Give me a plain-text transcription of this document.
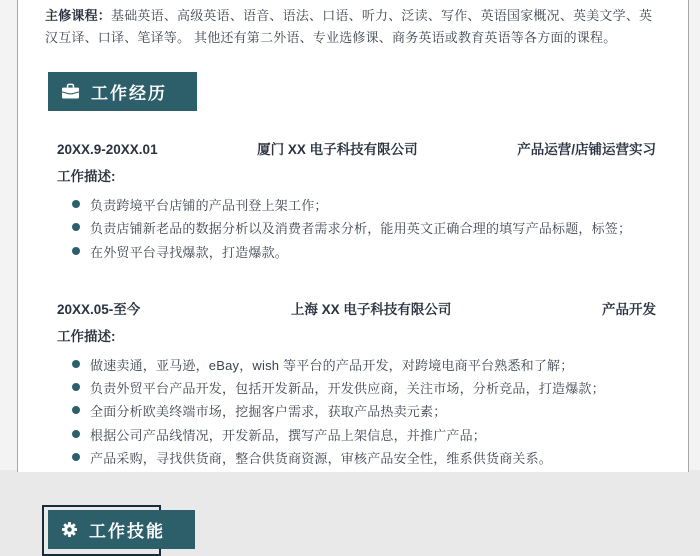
主修课程：基础英语、高级英语、语音、语法、口语、听力、泛读、写作、英语国家概况、英美文学、英汉互译、口译、笔译等。 其他还有第二外语、专业选修课、商务英语或教育英语等各方面的课程。

工作经历
20XX.9-20XX.01	厦门 XX 电子科技有限公司	产品运营/店铺运营实习
工作描述:
负责跨境平台店铺的产品刊登上架工作；
负责店铺新老品的数据分析以及消费者需求分析，能用英文正确合理的填写产品标题，标签；
在外贸平台寻找爆款，打造爆款。
20XX.05-至今	上海 XX 电子科技有限公司	产品开发
工作描述:
做速卖通，亚马逊，eBay，wish 等平台的产品开发，对跨境电商平台熟悉和了解；
负责外贸平台产品开发，包括开发新品，开发供应商，关注市场，分析竞品，打造爆款；
全面分析欧美终端市场，挖掘客户需求，获取产品热卖元素；
根据公司产品线情况，开发新品，撰写产品上架信息，并推广产品；
产品采购，寻找供货商，整合供货商资源，审核产品安全性，维系供货商关系。
工作技能
